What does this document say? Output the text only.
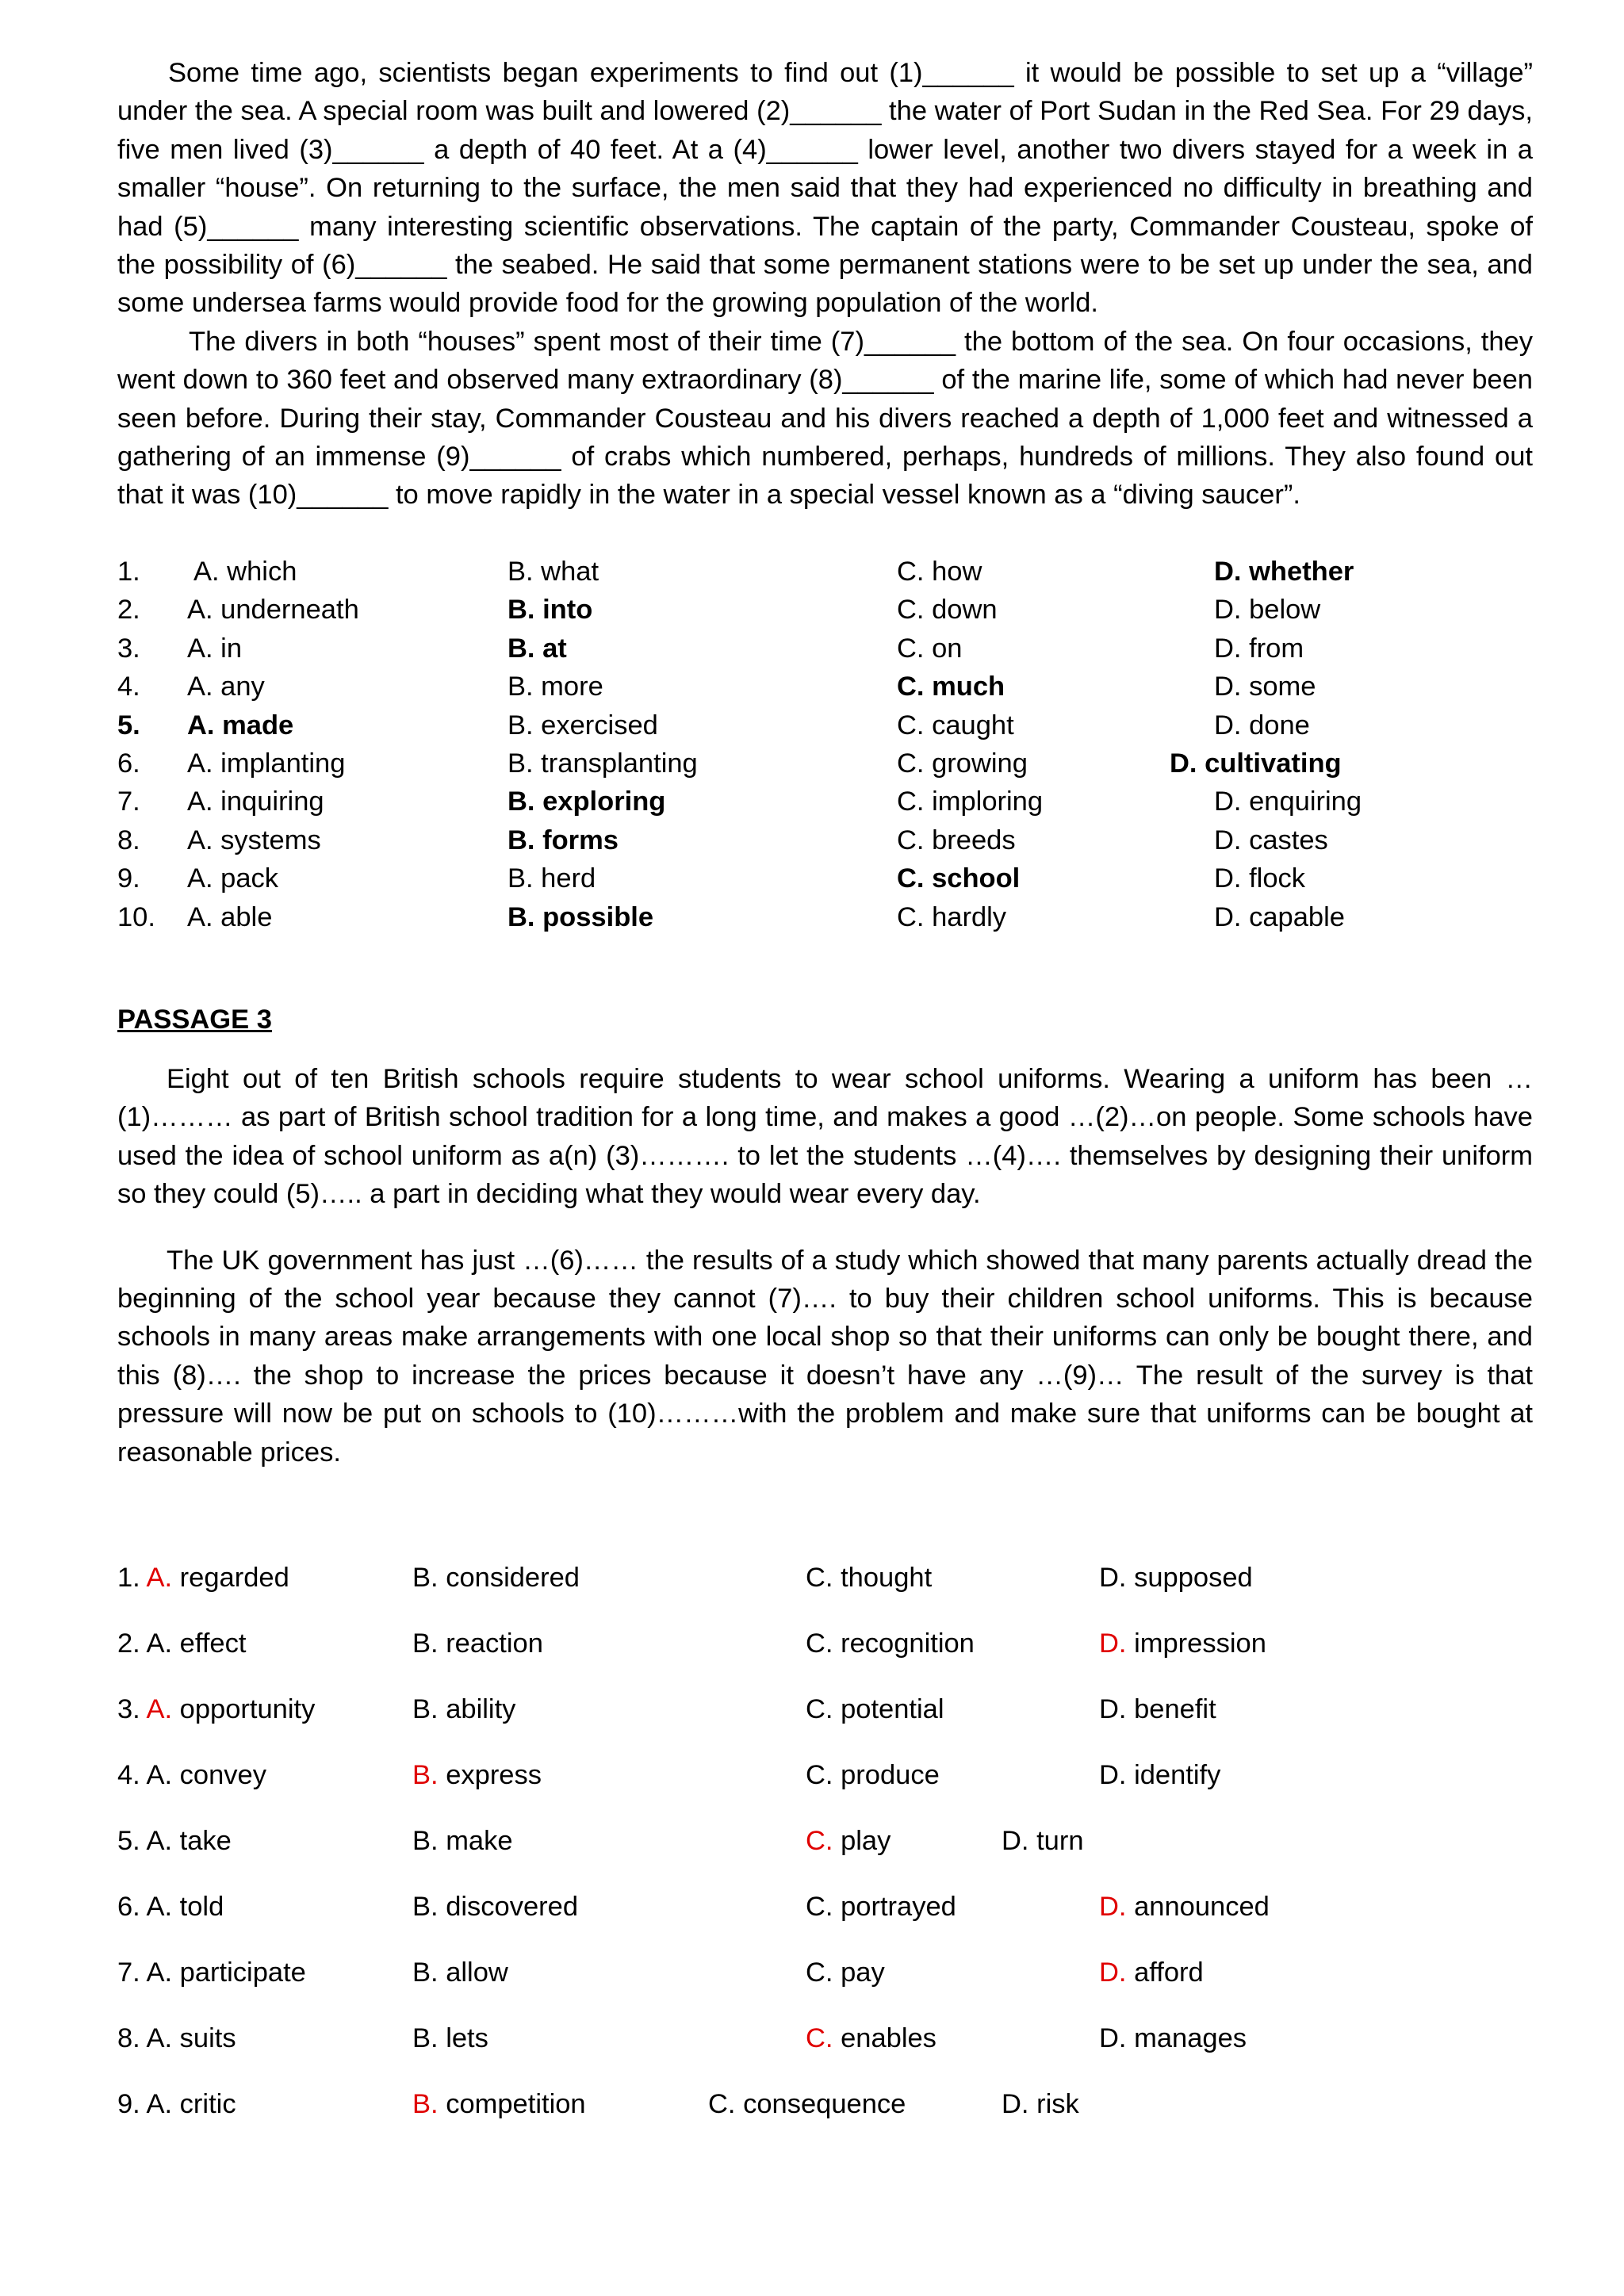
Some time ago, scientists began experiments to find out (1)______ it would be possible to set up a “village” under the sea. A special room was built and lowered (2)______ the water of Port Sudan in the Red Sea. For 29 days, five men lived (3)______ a depth of 40 feet. At a (4)______ lower level, another two divers stayed for a week in a smaller “house”. On returning to the surface, the men said that they had experienced no difficulty in breathing and had (5)______ many interesting scientific observations. The captain of the party, Commander Cousteau, spoke of the possibility of (6)______ the seabed. He said that some permanent stations were to be set up under the sea, and some undersea farms would provide food for the growing population of the world.

The divers in both “houses” spent most of their time (7)______ the bottom of the sea. On four occasions, they went down to 360 feet and observed many extraordinary (8)______ of the marine life, some of which had never been seen before. During their stay, Commander Cousteau and his divers reached a depth of 1,000 feet and witnessed a gathering of an immense (9)______ of crabs which numbered, perhaps, hundreds of millions. They also found out that it was (10)______ to move rapidly in the water in a special vessel known as a “diving saucer”.

1. A. which	B. what	C. how	D. whether
2. A. underneath	B. into	C. down	D. below
3. A. in	B. at	C. on	D. from
4. A. any	B. more	C. much	D. some
5. A. made	B. exercised	C. caught	D. done
6. A. implanting	B. transplanting	C. growing	D. cultivating
7. A. inquiring	B. exploring	C. imploring	D. enquiring
8. A. systems	B. forms	C. breeds	D. castes
9. A. pack	B. herd	C. school	D. flock
10. A. able	B. possible	C. hardly	D. capable
PASSAGE 3

Eight out of ten British schools require students to wear school uniforms. Wearing a uniform has been …(1)……… as part of British school tradition for a long time, and makes a good …(2)…on people. Some schools have used the idea of school uniform as a(n) (3)………. to let the students …(4)…. themselves by designing their uniform so they could (5)….. a part in deciding what they would wear every day.

The UK government has just …(6)…… the results of a study which showed that many parents actually dread the beginning of the school year because they cannot (7)…. to buy their children school uniforms. This is because schools in many areas make arrangements with one local shop so that their uniforms can only be bought there, and this (8)…. the shop to increase the prices because it doesn’t have any …(9)… The result of the survey is that pressure will now be put on schools to (10)………with the problem and make sure that uniforms can be bought at reasonable prices.

1. A. regarded	B. considered	C. thought	D. supposed
2. A. effect	B. reaction	C. recognition	D. impression
3. A. opportunity	B. ability	C. potential	D. benefit
4. A. convey	B. express	C. produce	D. identify
5. A. take	B. make	C. play	D. turn
6. A. told	B. discovered	C. portrayed	D. announced
7. A. participate	B. allow	C. pay	D. afford
8. A. suits	B. lets	C. enables	D. manages
9. A. critic	B. competition	C. consequence	D. risk
